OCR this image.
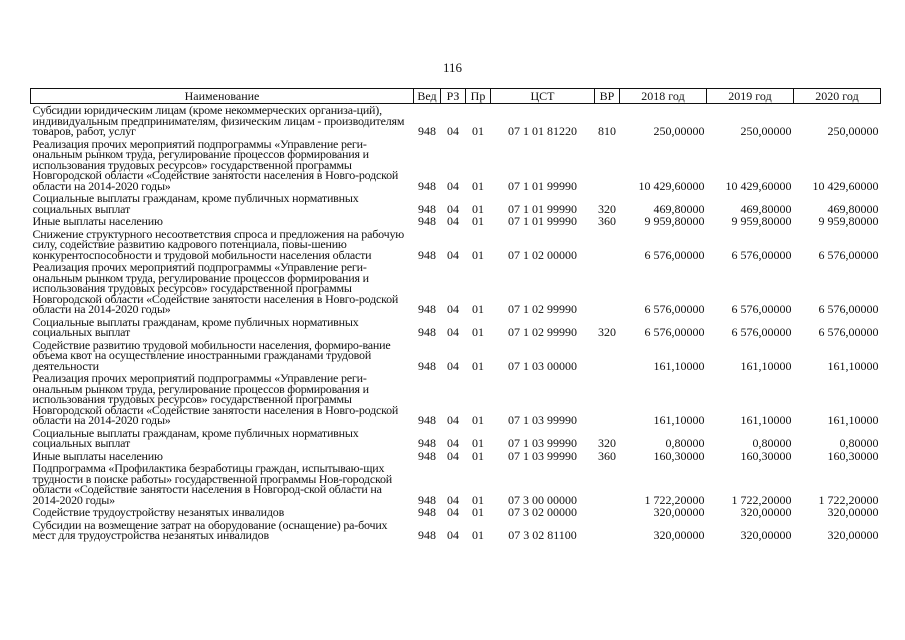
116
Наименование	Вед	РЗ	Пр	ЦСТ	ВР	2018 год	2019 год	2020 год
Субсидии юридическим лицам (кроме некоммерческих организа-ций), индивидуальным предпринимателям, физическим лицам - производителям товаров, работ, услуг	948	04	01	07 1 01 81220	810	250,00000	250,00000	250,00000
Реализация прочих мероприятий подпрограммы «Управление реги-ональным рынком труда, регулирование процессов формирования и использования трудовых ресурсов» государственной программы Новгородской области «Содействие занятости населения в Новго-родской области на 2014-2020 годы»	948	04	01	07 1 01 99990		10 429,60000	10 429,60000	10 429,60000
Социальные выплаты гражданам, кроме публичных нормативных социальных выплат	948	04	01	07 1 01 99990	320	469,80000	469,80000	469,80000
Иные выплаты населению	948	04	01	07 1 01 99990	360	9 959,80000	9 959,80000	9 959,80000
Снижение структурного несоответствия спроса и предложения на рабочую силу, содействие развитию кадрового потенциала, повы-шению конкурентоспособности и трудовой мобильности населения области	948	04	01	07 1 02 00000		6 576,00000	6 576,00000	6 576,00000
Реализация прочих мероприятий подпрограммы «Управление реги-ональным рынком труда, регулирование процессов формирования и использования трудовых ресурсов» государственной программы Новгородской области «Содействие занятости населения в Новго-родской области на 2014-2020 годы»	948	04	01	07 1 02 99990		6 576,00000	6 576,00000	6 576,00000
Социальные выплаты гражданам, кроме публичных нормативных социальных выплат	948	04	01	07 1 02 99990	320	6 576,00000	6 576,00000	6 576,00000
Содействие развитию трудовой мобильности населения, формиро-вание объема квот на осуществление иностранными гражданами трудовой деятельности	948	04	01	07 1 03 00000		161,10000	161,10000	161,10000
Реализация прочих мероприятий подпрограммы «Управление реги-ональным рынком труда, регулирование процессов формирования и использования трудовых ресурсов» государственной программы Новгородской области «Содействие занятости населения в Новго-родской области на 2014-2020 годы»	948	04	01	07 1 03 99990		161,10000	161,10000	161,10000
Социальные выплаты гражданам, кроме публичных нормативных социальных выплат	948	04	01	07 1 03 99990	320	0,80000	0,80000	0,80000
Иные выплаты населению	948	04	01	07 1 03 99990	360	160,30000	160,30000	160,30000
Подпрограмма «Профилактика безработицы граждан, испытываю-щих трудности в поиске работы» государственной программы Нов-городской области «Содействие занятости населения в Новгород-ской области на 2014-2020 годы»	948	04	01	07 3 00 00000		1 722,20000	1 722,20000	1 722,20000
Содействие трудоустройству незанятых инвалидов	948	04	01	07 3 02 00000		320,00000	320,00000	320,00000
Субсидии на возмещение затрат на оборудование (оснащение) ра-бочих мест для трудоустройства незанятых инвалидов	948	04	01	07 3 02 81100		320,00000	320,00000	320,00000
